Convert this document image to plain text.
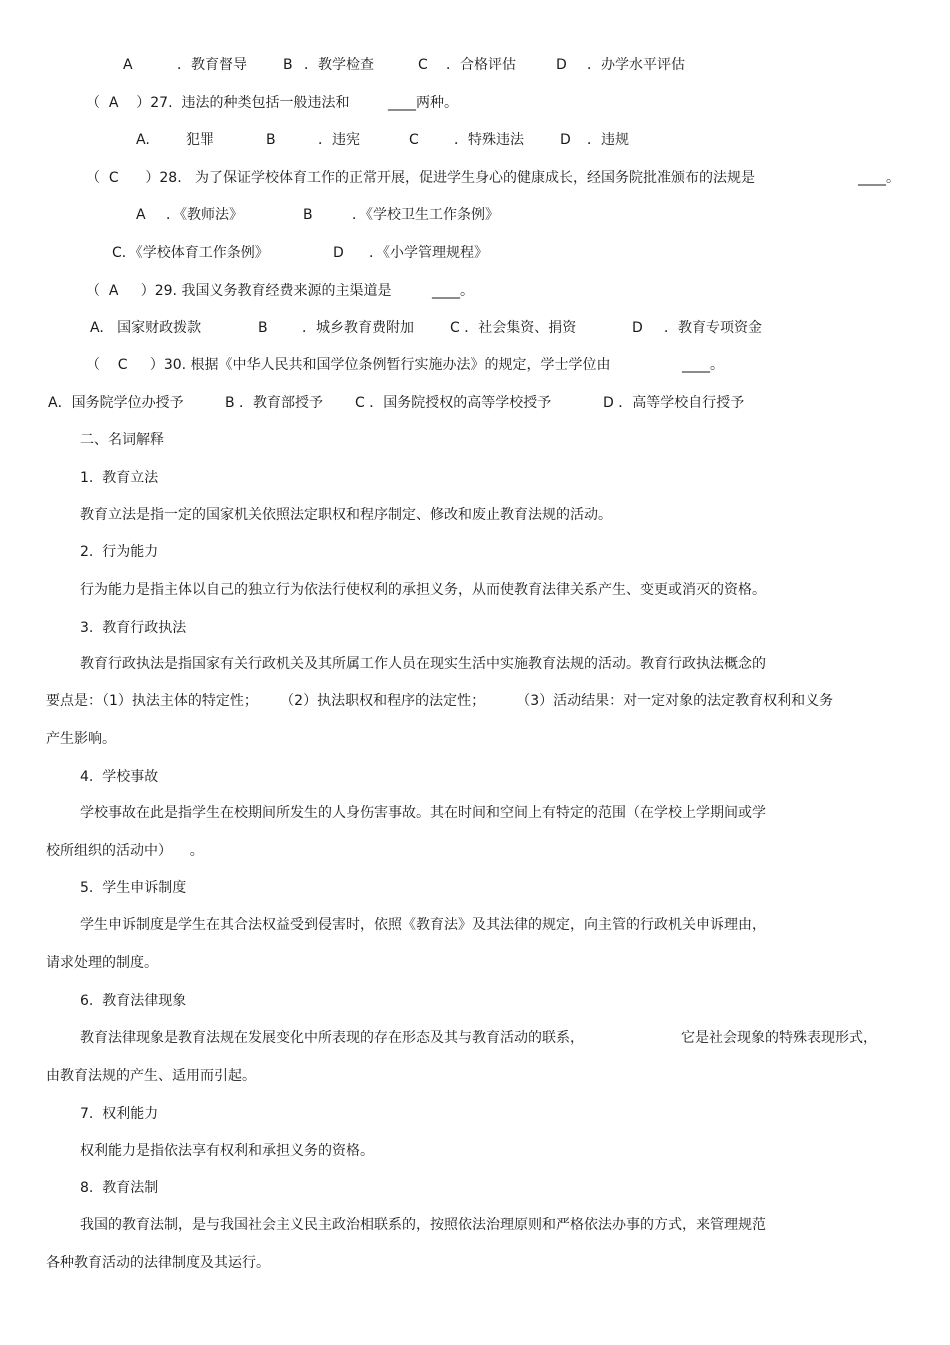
A	．教育督导	B ．教学检查	C ．合格评估	D ．办学水平评估
（  A    ）27.  违法的种类包括一般违法和	____两种。
A.	犯罪	B	．违宪	C	．特殊违法	D ．违规
（  C      ）28.   为了保证学校体育工作的正常开展，促进学生身心的健康成长，经国务院批准颁布的法规是	____。
A ．《教师法》	B	．《学校卫生工作条例》
C．《学校体育工作条例》	D ．《小学管理规程》
（  A     ）29. 我国义务教育经费来源的主渠道是	____。
A.   国家财政拨款	B ．城乡教育费附加	C ．社会集资、捐资	D ．教育专项资金
（    C     ）30. 根据《中华人民共和国学位条例暂行实施办法》的规定，学士学位由	____。
A．国务院学位办授予	B ．教育部授予 C ．国务院授权的高等学校授予	D ．高等学校自行授予
二、名词解释
1.  教育立法
教育立法是指一定的国家机关依照法定职权和程序制定、修改和废止教育法规的活动。
2.  行为能力
行为能力是指主体以自己的独立行为依法行使权利的承担义务，从而使教育法律关系产生、变更或消灭的资格。
3.  教育行政执法
教育行政执法是指国家有关行政机关及其所属工作人员在现实生活中实施教育法规的活动。教育行政执法概念的
要点是：（1）执法主体的特定性；     （2）执法职权和程序的法定性；       （3）活动结果：对一定对象的法定教育权利和义务
产生影响。
4.  学校事故
学校事故在此是指学生在校期间所发生的人身伤害事故。其在时间和空间上有特定的范围（在学校上学期间或学
校所组织的活动中）    。
5.  学生申诉制度
学生申诉制度是学生在其合法权益受到侵害时，依照《教育法》及其法律的规定，向主管的行政机关申诉理由，
请求处理的制度。
6.  教育法律现象
教育法律现象是教育法规在发展变化中所表现的存在形态及其与教育活动的联系，	它是社会现象的特殊表现形式，
由教育法规的产生、适用而引起。
7.  权利能力
权利能力是指依法享有权利和承担义务的资格。
8.  教育法制
我国的教育法制，是与我国社会主义民主政治相联系的，按照依法治理原则和严格依法办事的方式，来管理规范
各种教育活动的法律制度及其运行。
